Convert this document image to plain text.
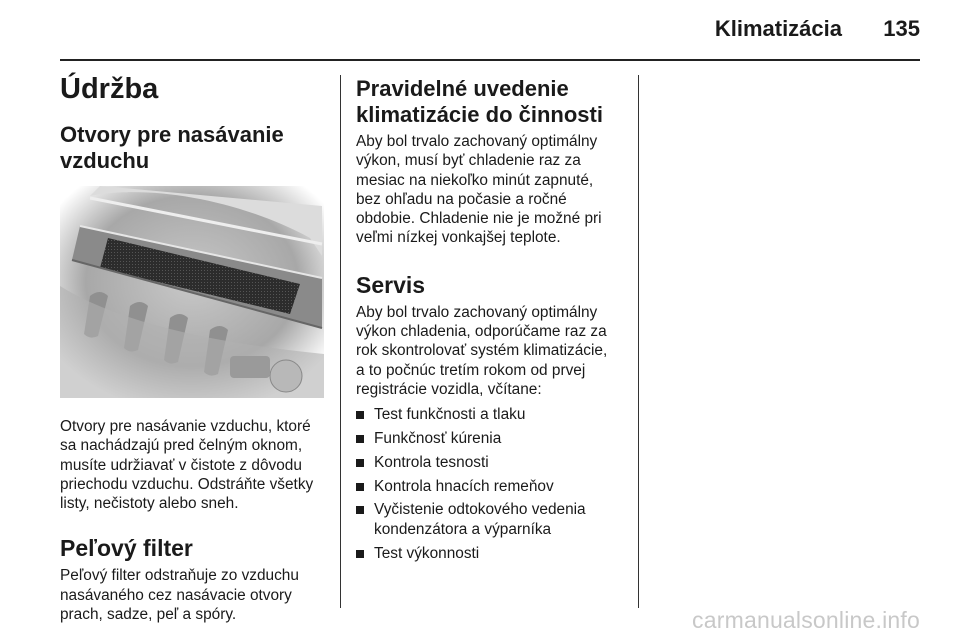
Klimatizácia 135
Údržba
Otvory pre nasávanie
vzduchu
Otvory pre nasávanie vzduchu, ktoré
sa nachádzajú pred čelným oknom,
musíte udržiavať v čistote z dôvodu
priechodu vzduchu. Odstráňte všetky
listy, nečistoty alebo sneh.
Peľový filter
Peľový filter odstraňuje zo vzduchu
nasávaného cez nasávacie otvory
prach, sadze, peľ a spóry.
Pravidelné uvedenie
klimatizácie do činnosti
Aby bol trvalo zachovaný optimálny
výkon, musí byť chladenie raz za
mesiac na niekoľko minút zapnuté,
bez ohľadu na počasie a ročné
obdobie. Chladenie nie je možné pri
veľmi nízkej vonkajšej teplote.
Servis
Aby bol trvalo zachovaný optimálny
výkon chladenia, odporúčame raz za
rok skontrolovať systém klimatizácie,
a to počnúc tretím rokom od prvej
registrácie vozidla, včítane:
Test funkčnosti a tlaku
Funkčnosť kúrenia
Kontrola tesnosti
Kontrola hnacích remeňov
Vyčistenie odtokového vedenia
kondenzátora a výparníka
Test výkonnosti
carmanualsonline.info
